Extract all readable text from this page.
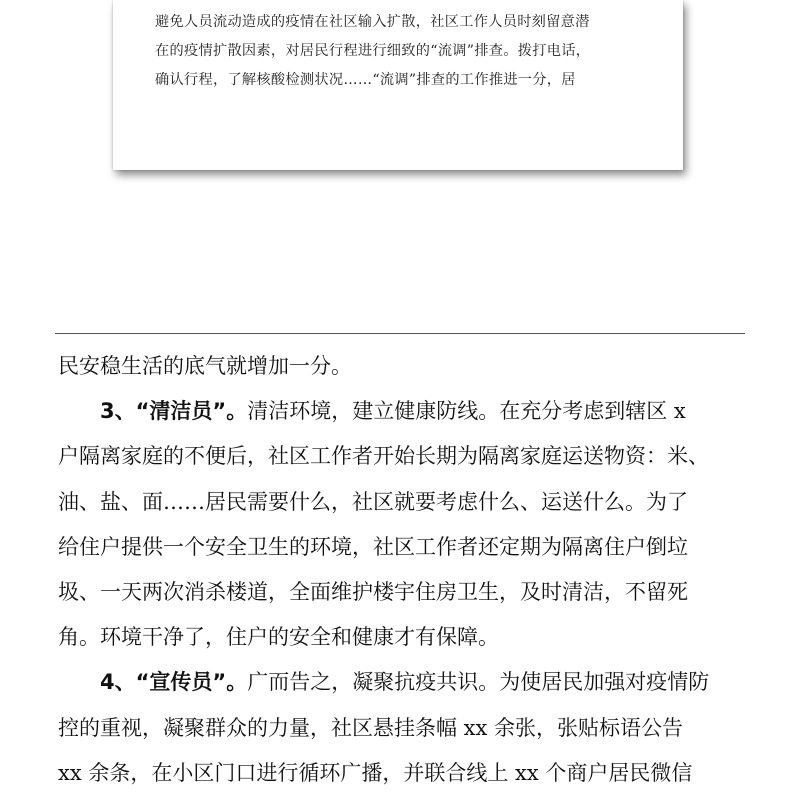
避免人员流动造成的疫情在社区输入扩散，社区工作人员时刻留意潜
在的疫情扩散因素，对居民行程进行细致的“流调”排查。拨打电话，
确认行程，了解核酸检测状况……“流调”排查的工作推进一分，居

民安稳生活的底气就增加一分。
3、“清洁员”。清洁环境，建立健康防线。在充分考虑到辖区 x
户隔离家庭的不便后，社区工作者开始长期为隔离家庭运送物资：米、
油、盐、面……居民需要什么，社区就要考虑什么、运送什么。为了
给住户提供一个安全卫生的环境，社区工作者还定期为隔离住户倒垃
圾、一天两次消杀楼道，全面维护楼宇住房卫生，及时清洁，不留死
角。环境干净了，住户的安全和健康才有保障。
4、“宣传员”。广而告之，凝聚抗疫共识。为使居民加强对疫情防
控的重视，凝聚群众的力量，社区悬挂条幅 xx 余张，张贴标语公告
xx 余条，在小区门口进行循环广播，并联合线上 xx 个商户居民微信
